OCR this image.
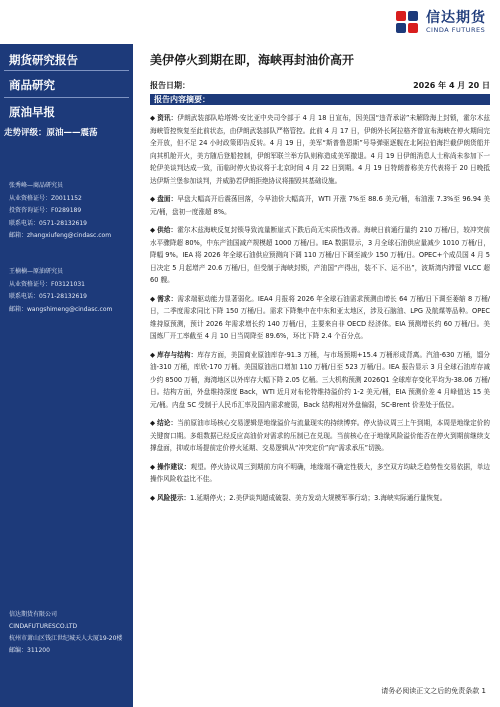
信达期货
CINDA FUTURES
期货研究报告
商品研究
原油早报
走势评级：原油——震荡
张秀峰—商品研究员
从业资格证号：Z0011152
投资咨询证号：F0289189
联系电话：0571-28132619
邮箱：zhangxiufeng@cindasc.com
王楠楠—原油研究员
从业资格证号：F03121031
联系电话：0571-28132619
邮箱：wangshimeng@cindasc.com
信达期货有限公司
CINDAFUTURESCO.LTD
杭州市萧山区钱江世纪城天人大厦19-20楼
邮编：311200
美伊停火到期在即，海峡再封油价高开
报告日期：	2026 年 4 月 20 日
报告内容摘要：

◆ 资讯：伊朗武装部队哈塔姆·安比亚中央司令部于 4 月 18 日宣布，因美国“违背承诺”未解除海上封锁，霍尔木兹海峡管控恢复至此前状态，由伊朗武装部队严格管控。此前 4 月 17 日，伊朗外长阿拉格齐曾宣布海峡在停火期间完全开放，但不足 24 小时政策即告反转。4 月 19 日，美军“斯普鲁恩斯”号导弹驱逐舰在北阿拉伯海拦截伊朗货船并向其机舱开火，美方随后登船控制，伊朗军联兰举方队则称造成美军撤退。4 月 19 日伊朗消息人士称尚未参加下一轮伊美谈判达成一致，而临时停火协议将于北京时间 4 月 22 日到期。4 月 19 日特朗普称美方代表将于 20 日晚抵达伊斯兰堡参加谈判，并威胁若伊朗拒绝协议将摧毁其基础设施。

◆ 盘面：早盘大幅高开后震荡回落，今早油价大幅高开，WTI 开涨 7%至 88.6 美元/桶，布油涨 7.3%至 96.94 美元/桶，盘初一度涨超 8%。

◆ 供给：霍尔木兹海峡反复封锁导致流量断崖式下跌后尚无实质性改善。海峡日前通行量约 210 万桶/日，较冲突前水平骤降超 80%，中东产油国减产规模超 1000 万桶/日。IEA 数据显示，3 月全球石油供应量减少 1010 万桶/日，降幅 9%。IEA 将 2026 年全球石油供应预测向下调 110 万桶/日下调至减少 150 万桶/日。OPEC+个成员国 4 月 5 日决定 5 月起增产 20.6 万桶/日，但受制于海峡封锁，产油国“产得出，装不下、运不出”，波斯湾内滞留 VLCC 超 60 艘。

◆ 需求：需求端驱动能力显著弱化。IEA4 月报将 2026 年全球石油需求预测由增长 64 万桶/日下调至萎缩 8 万桶/日，二季度需求同比下降 150 万桶/日。需求下降集中在中东和亚太地区，涉及石脑油、LPG 及航煤等品种。OPEC 维持原预测，预计 2026 年需求增长约 140 万桶/日，主要来自非 OECD 经济体。EIA 预测增长约 60 万桶/日。美国炼厂开工率截至 4 月 10 日当周降至 89.6%，环比下降 2.4 个百分点。

◆ 库存与结构：库存方面，美国商业原油库存-91.3 万桶，与市场预期+15.4 万桶形成背离。汽油-630 万桶，馏分油-310 万桶，库欣-170 万桶。美国原油出口增加 110 万桶/日至 523 万桶/日。IEA 报告显示 3 月全球石油库存减少约 8500 万桶，海湾地区以外库存大幅下降 2.05 亿桶。三大机构预测 2026Q1 全球库存变化平均为-38.06 万桶/日。结构方面，外盘维持深度 Back，WTI 近月对布伦特维持溢价约 1-2 美元/桶，EIA 预测价差 4 月峰值达 15 美元/桶。内盘 SC 受制于人民币汇率及国内需求疲弱，Back 结构相对外盘偏弱，SC-Brent 价差处于低位。

◆ 结论：当前原油市场核心交易逻辑是地缘溢价与流量现实的持续博弈。停火协议周三上午到期，本周是地缘定价的关键窗口期。多组数据已经反应高油价对需求的压制已在兑现。当前核心在于地缘风险溢价能否在停火到期前继续支撑盘面，抑或市场提前定价停火延期、交易逻辑从“冲突定价”向“需求承压”切换。

◆ 操作建议：观望。停火协议周三到期前方向不明确，地缘端不确定性极大，多空双方均缺乏趋势性交易依据，单边操作风险收益比不佳。

◆ 风险提示：1.延期停火；2.美伊谈判超成破裂、美方发动大规模军事行动；3.海峡实际通行量恢复。

请务必阅读正文之后的免责条款 1
